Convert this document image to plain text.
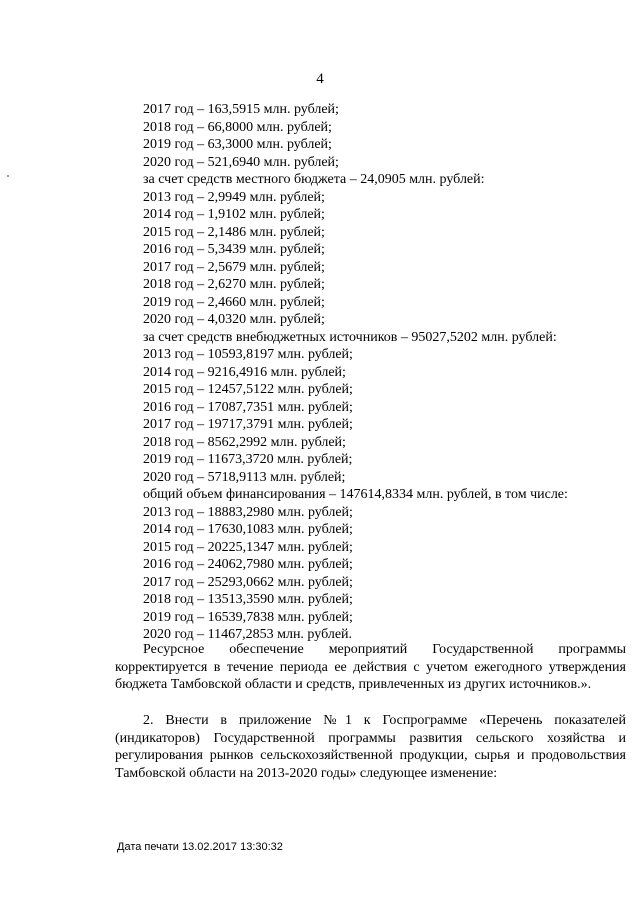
4
2017 год – 163,5915 млн. рублей;
2018 год – 66,8000 млн. рублей;
2019 год – 63,3000 млн. рублей;
2020 год – 521,6940 млн. рублей;
за счет средств местного бюджета – 24,0905 млн. рублей:
2013 год – 2,9949 млн. рублей;
2014 год – 1,9102 млн. рублей;
2015 год – 2,1486 млн. рублей;
2016 год – 5,3439 млн. рублей;
2017 год – 2,5679 млн. рублей;
2018 год – 2,6270 млн. рублей;
2019 год – 2,4660 млн. рублей;
2020 год – 4,0320 млн. рублей;
за счет средств внебюджетных источников – 95027,5202 млн. рублей:
2013 год – 10593,8197 млн. рублей;
2014 год – 9216,4916 млн. рублей;
2015 год – 12457,5122 млн. рублей;
2016 год – 17087,7351 млн. рублей;
2017 год – 19717,3791 млн. рублей;
2018 год – 8562,2992 млн. рублей;
2019 год – 11673,3720 млн. рублей;
2020 год – 5718,9113 млн. рублей;
общий объем финансирования – 147614,8334 млн. рублей, в том числе:
2013 год – 18883,2980 млн. рублей;
2014 год – 17630,1083 млн. рублей;
2015 год – 20225,1347 млн. рублей;
2016 год – 24062,7980 млн. рублей;
2017 год – 25293,0662 млн. рублей;
2018 год – 13513,3590 млн. рублей;
2019 год – 16539,7838 млн. рублей;
2020 год – 11467,2853 млн. рублей.
Ресурсное обеспечение мероприятий Государственной программы корректируется в течение периода ее действия с учетом ежегодного утверждения бюджета Тамбовской области и средств, привлеченных из других источников.».
2. Внести в приложение №1 к Госпрограмме «Перечень показателей (индикаторов) Государственной программы развития сельского хозяйства и регулирования рынков сельскохозяйственной продукции, сырья и продовольствия Тамбовской области на 2013-2020 годы» следующее изменение:
Дата печати 13.02.2017 13:30:32
